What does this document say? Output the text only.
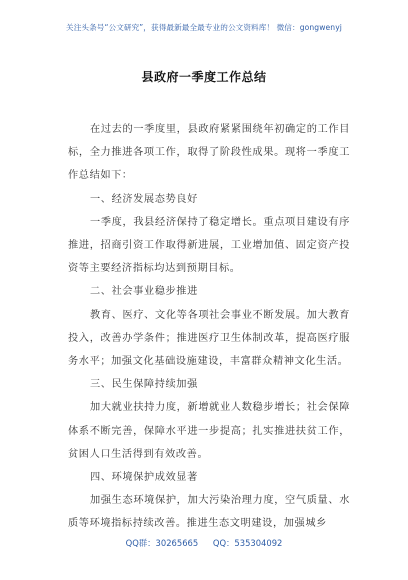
关注头条号“公文研究”，获得最新最全最专业的公文资料库！ 微信：gongwenyj
县政府一季度工作总结

在过去的一季度里，县政府紧紧围绕年初确定的工作目标，全力推进各项工作，取得了阶段性成果。现将一季度工作总结如下：

一、经济发展态势良好

一季度，我县经济保持了稳定增长。重点项目建设有序推进，招商引资工作取得新进展，工业增加值、固定资产投资等主要经济指标均达到预期目标。

二、社会事业稳步推进

教育、医疗、文化等各项社会事业不断发展。加大教育投入，改善办学条件；推进医疗卫生体制改革，提高医疗服务水平；加强文化基础设施建设，丰富群众精神文化生活。

三、民生保障持续加强

加大就业扶持力度，新增就业人数稳步增长；社会保障体系不断完善，保障水平进一步提高；扎实推进扶贫工作，贫困人口生活得到有效改善。

四、环境保护成效显著

加强生态环境保护，加大污染治理力度，空气质量、水质等环境指标持续改善。推进生态文明建设，加强城乡

QQ群：30265665 QQ：535304092
